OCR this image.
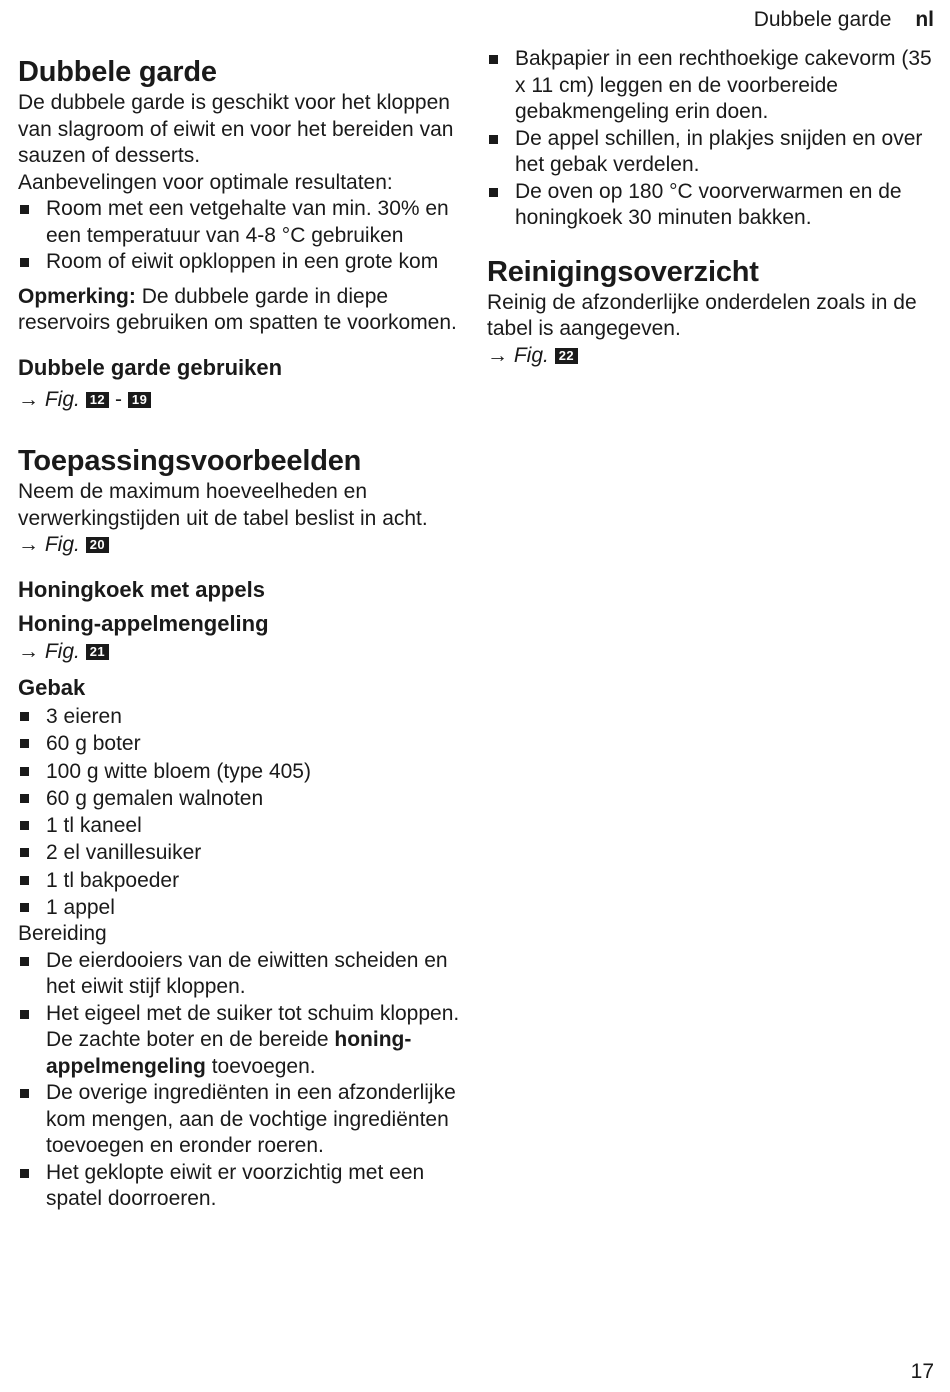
Dubbele garde nl
Dubbele garde

De dubbele garde is geschikt voor het kloppen van slagroom of eiwit en voor het bereiden van sauzen of desserts.

Aanbevelingen voor optimale resultaten:

Room met een vetgehalte van min. 30% en een temperatuur van 4-8 °C gebruiken
Room of eiwit opkloppen in een grote kom

Opmerking: De dubbele garde in diepe reservoirs gebruiken om spatten te voorkomen.

Dubbele garde gebruiken
→ Fig. 12 - 19
Toepassingsvoorbeelden

Neem de maximum hoeveelheden en verwerkingstijden uit de tabel beslist in acht.

→ Fig. 20
Honingkoek met appels
Honing-appelmengeling
→ Fig. 21
Gebak
3 eieren
60 g boter
100 g witte bloem (type 405)
60 g gemalen walnoten
1 tl kaneel
2 el vanillesuiker
1 tl bakpoeder
1 appel

Bereiding

De eierdooiers van de eiwitten scheiden en het eiwit stijf kloppen.
Het eigeel met de suiker tot schuim kloppen. De zachte boter en de bereide honing-appelmengeling toevoegen.
De overige ingrediënten in een afzonderlijke kom mengen, aan de vochtige ingrediënten toevoegen en eronder roeren.
Het geklopte eiwit er voorzichtig met een spatel doorroeren.
Bakpapier in een rechthoekige cakevorm (35 x 11 cm) leggen en de voorbereide gebakmengeling erin doen.
De appel schillen, in plakjes snijden en over het gebak verdelen.
De oven op 180 °C voorverwarmen en de honingkoek 30 minuten bakken.
Reinigingsoverzicht

Reinig de afzonderlijke onderdelen zoals in de tabel is aangegeven.

→ Fig. 22
17
